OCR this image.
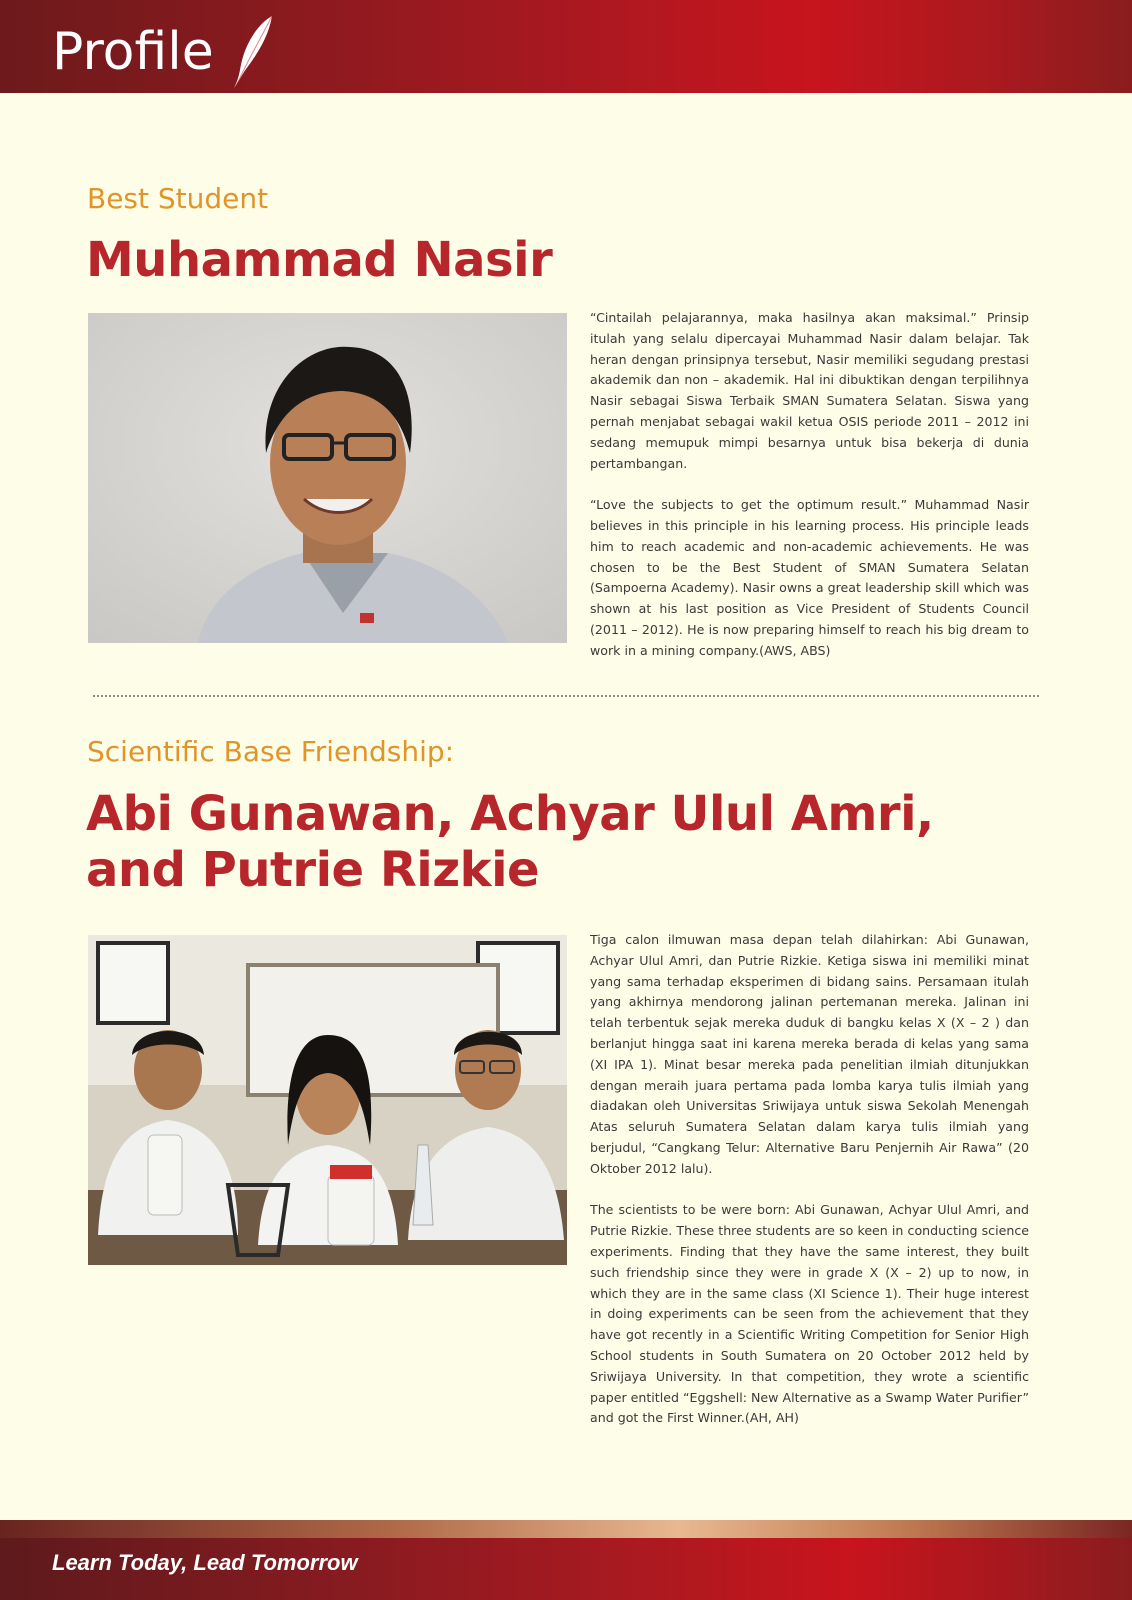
Profile
Best Student
Muhammad Nasir

“Cintailah pelajarannya, maka hasilnya akan maksimal.” Prinsip itulah yang selalu dipercayai Muhammad Nasir dalam belajar. Tak heran dengan prinsipnya tersebut, Nasir memiliki segudang prestasi akademik dan non – akademik. Hal ini dibuktikan dengan terpilihnya Nasir sebagai Siswa Terbaik SMAN Sumatera Selatan. Siswa yang pernah menjabat sebagai wakil ketua OSIS periode 2011 – 2012 ini sedang memupuk mimpi besarnya untuk bisa bekerja di dunia pertambangan.

“Love the subjects to get the optimum result.” Muhammad Nasir believes in this principle in his learning process. His principle leads him to reach academic and non-academic achievements. He was chosen to be the Best Student of SMAN Sumatera Selatan (Sampoerna Academy). Nasir owns a great leadership skill which was shown at his last position as Vice President of Students Council (2011 – 2012). He is now preparing himself to reach his big dream to work in a mining company.(AWS, ABS)

Scientific Base Friendship:
Abi Gunawan, Achyar Ulul Amri,
and Putrie Rizkie

Tiga calon ilmuwan masa depan telah dilahirkan: Abi Gunawan, Achyar Ulul Amri, dan Putrie Rizkie. Ketiga siswa ini memiliki minat yang sama terhadap eksperimen di bidang sains. Persamaan itulah yang akhirnya mendorong jalinan pertemanan mereka. Jalinan ini telah terbentuk sejak mereka duduk di bangku kelas X (X – 2 ) dan berlanjut hingga saat ini karena mereka berada di kelas yang sama (XI IPA 1). Minat besar mereka pada penelitian ilmiah ditunjukkan dengan meraih juara pertama pada lomba karya tulis ilmiah yang diadakan oleh Universitas Sriwijaya untuk siswa Sekolah Menengah Atas seluruh Sumatera Selatan dalam karya tulis ilmiah yang berjudul, “Cangkang Telur: Alternative Baru Penjernih Air Rawa” (20 Oktober 2012 lalu).

The scientists to be were born: Abi Gunawan, Achyar Ulul Amri, and Putrie Rizkie. These three students are so keen in conducting science experiments. Finding that they have the same interest, they built such friendship since they were in grade X (X – 2) up to now, in which they are in the same class (XI Science 1). Their huge interest in doing experiments can be seen from the achievement that they have got recently in a Scientific Writing Competition for Senior High School students in South Sumatera on 20 October 2012 held by Sriwijaya University. In that competition, they wrote a scientific paper entitled “Eggshell: New Alternative as a Swamp Water Purifier” and got the First Winner.(AH, AH)

Learn Today, Lead Tomorrow
